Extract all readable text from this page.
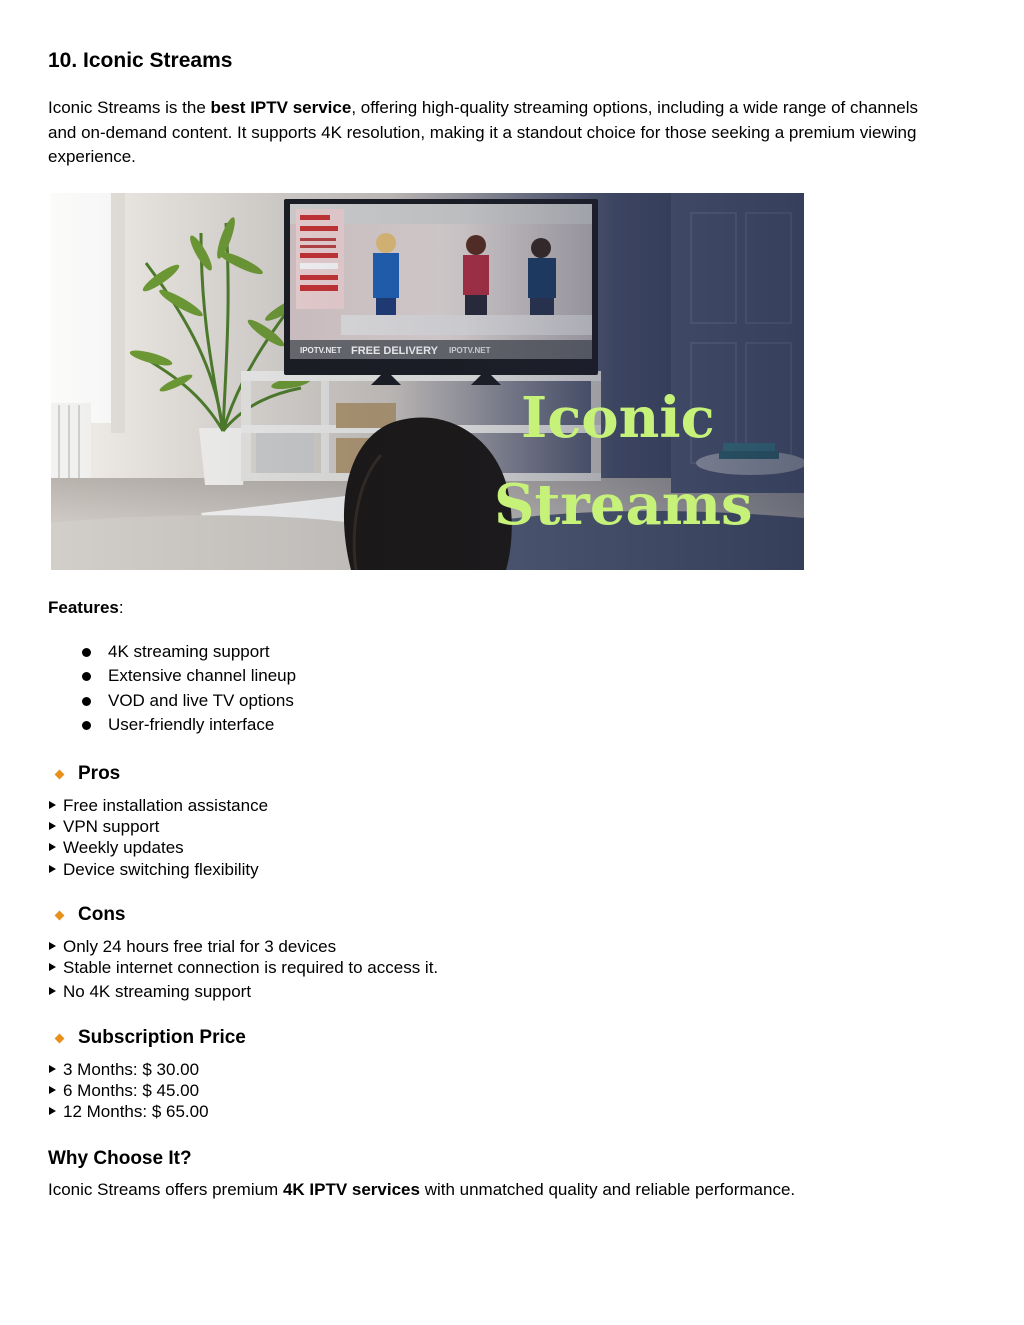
10. Iconic Streams

Iconic Streams is the best IPTV service, offering high-quality streaming options, including a wide range of channels and on-demand content. It supports 4K resolution, making it a standout choice for those seeking a premium viewing experience.

Iconic
Streams

Features:

4K streaming support
Extensive channel lineup
VOD and live TV options
User-friendly interface
Pros
Free installation assistance
VPN support
Weekly updates
Device switching flexibility
Cons
Only 24 hours free trial for 3 devices
Stable internet connection is required to access it.
No 4K streaming support
Subscription Price
3 Months: $ 30.00
6 Months: $ 45.00
12 Months: $ 65.00
Why Choose It?

Iconic Streams offers premium 4K IPTV services with unmatched quality and reliable performance.
